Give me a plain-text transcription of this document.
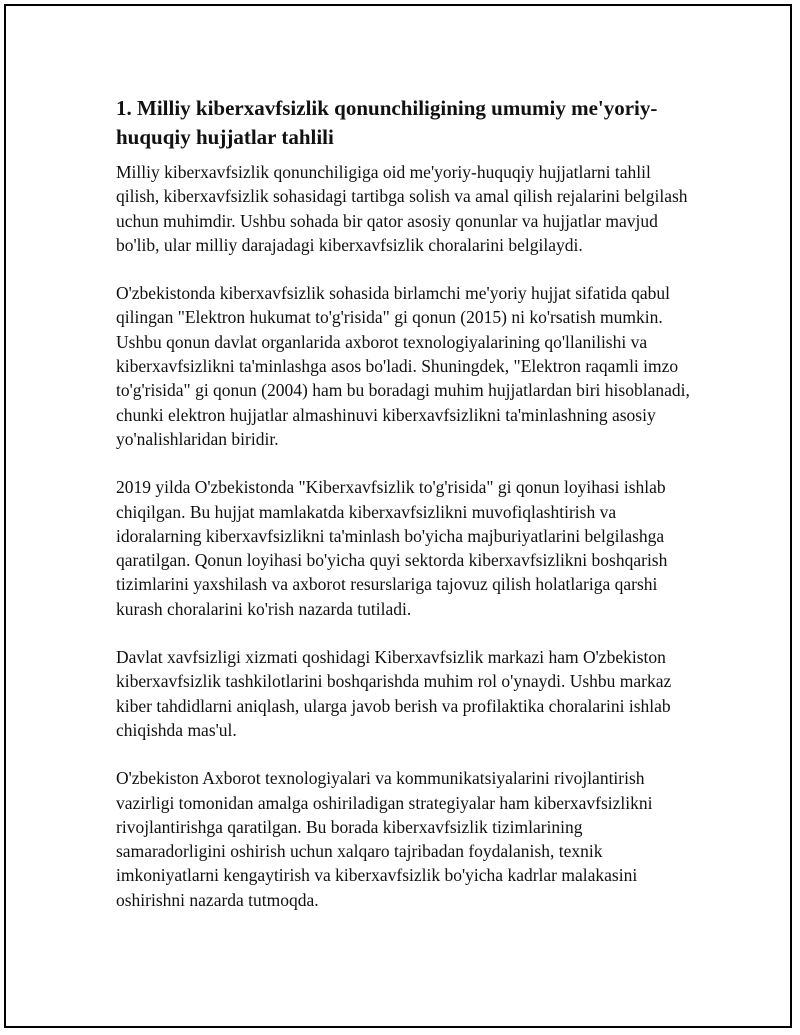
1. Milliy kiberxavfsizlik qonunchiligining umumiy me'yoriy-huquqiy hujjatlar tahlili

Milliy kiberxavfsizlik qonunchiligiga oid me'yoriy-huquqiy hujjatlarni tahlil qilish, kiberxavfsizlik sohasidagi tartibga solish va amal qilish rejalarini belgilash uchun muhimdir. Ushbu sohada bir qator asosiy qonunlar va hujjatlar mavjud bo'lib, ular milliy darajadagi kiberxavfsizlik choralarini belgilaydi.

O'zbekistonda kiberxavfsizlik sohasida birlamchi me'yoriy hujjat sifatida qabul qilingan "Elektron hukumat to'g'risida" gi qonun (2015) ni ko'rsatish mumkin. Ushbu qonun davlat organlarida axborot texnologiyalarining qo'llanilishi va kiberxavfsizlikni ta'minlashga asos bo'ladi. Shuningdek, "Elektron raqamli imzo to'g'risida" gi qonun (2004) ham bu boradagi muhim hujjatlardan biri hisoblanadi, chunki elektron hujjatlar almashinuvi kiberxavfsizlikni ta'minlashning asosiy yo'nalishlaridan biridir.

2019 yilda O'zbekistonda "Kiberxavfsizlik to'g'risida" gi qonun loyihasi ishlab chiqilgan. Bu hujjat mamlakatda kiberxavfsizlikni muvofiqlashtirish va idoralarning kiberxavfsizlikni ta'minlash bo'yicha majburiyatlarini belgilashga qaratilgan. Qonun loyihasi bo'yicha quyi sektorda kiberxavfsizlikni boshqarish tizimlarini yaxshilash va axborot resurslariga tajovuz qilish holatlariga qarshi kurash choralarini ko'rish nazarda tutiladi.

Davlat xavfsizligi xizmati qoshidagi Kiberxavfsizlik markazi ham O'zbekiston kiberxavfsizlik tashkilotlarini boshqarishda muhim rol o'ynaydi. Ushbu markaz kiber tahdidlarni aniqlash, ularga javob berish va profilaktika choralarini ishlab chiqishda mas'ul.

O'zbekiston Axborot texnologiyalari va kommunikatsiyalarini rivojlantirish vazirligi tomonidan amalga oshiriladigan strategiyalar ham kiberxavfsizlikni rivojlantirishga qaratilgan. Bu borada kiberxavfsizlik tizimlarining samaradorligini oshirish uchun xalqaro tajribadan foydalanish, texnik imkoniyatlarni kengaytirish va kiberxavfsizlik bo'yicha kadrlar malakasini oshirishni nazarda tutmoqda.
